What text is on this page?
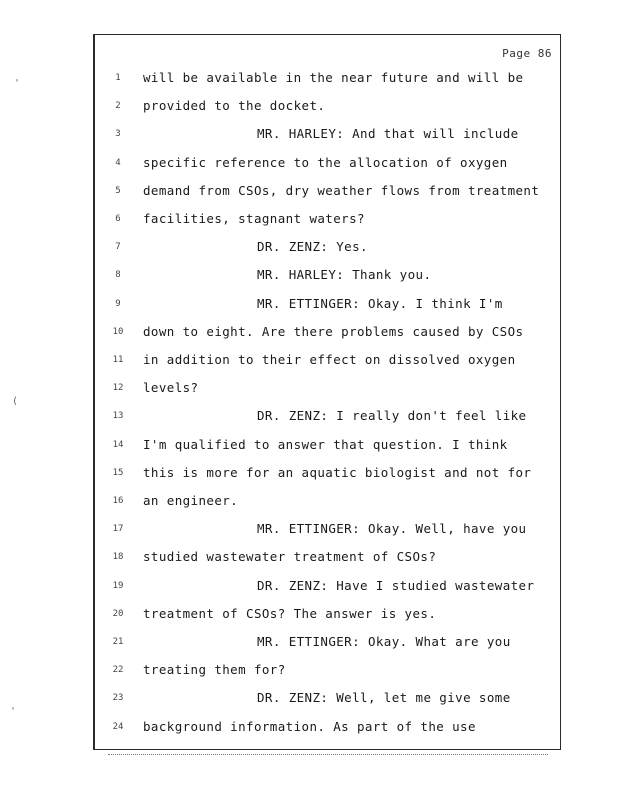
Page 86
1	will be available in the near future and will be
2	provided to the docket.
3	MR. HARLEY: And that will include
4	specific reference to the allocation of oxygen
5	demand from CSOs, dry weather flows from treatment
6	facilities, stagnant waters?
7	DR. ZENZ: Yes.
8	MR. HARLEY: Thank you.
9	MR. ETTINGER: Okay. I think I'm
10	down to eight. Are there problems caused by CSOs
11	in addition to their effect on dissolved oxygen
12	levels?
13	DR. ZENZ: I really don't feel like
14	I'm qualified to answer that question. I think
15	this is more for an aquatic biologist and not for
16	an engineer.
17	MR. ETTINGER: Okay. Well, have you
18	studied wastewater treatment of CSOs?
19	DR. ZENZ: Have I studied wastewater
20	treatment of CSOs? The answer is yes.
21	MR. ETTINGER: Okay. What are you
22	treating them for?
23	DR. ZENZ: Well, let me give some
24	background information. As part of the use
'
(
'
